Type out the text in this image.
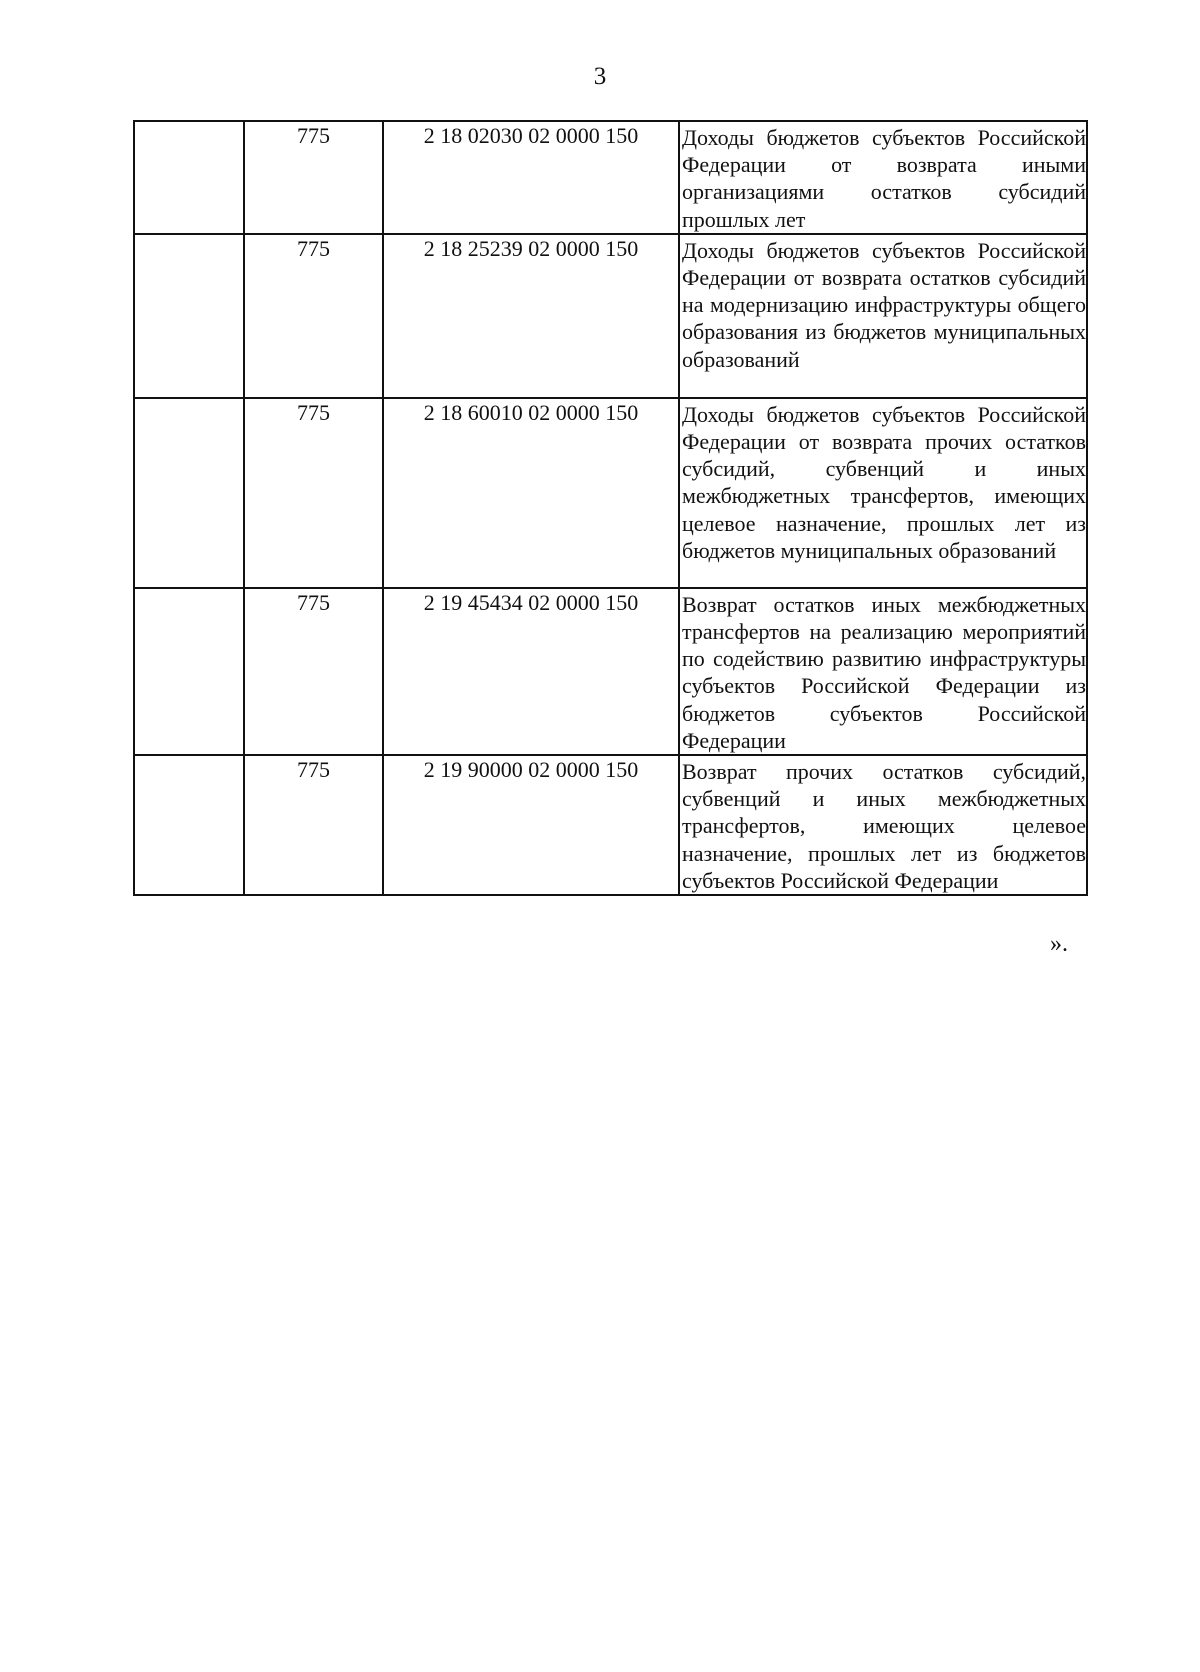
3
	775	2 18 02030 02 0000 150	Доходы бюджетов субъектов Российской Федерации от возврата иными организациями остатков субсидий прошлых лет

	775	2 18 25239 02 0000 150	Доходы бюджетов субъектов Российской Федерации от возврата остатков субсидий на модернизацию инфраструктуры общего образования из бюджетов муниципальных образований

	775	2 18 60010 02 0000 150	Доходы бюджетов субъектов Российской Федерации от возврата прочих остатков субсидий, субвенций и иных межбюджетных трансфертов, имеющих целевое назначение, прошлых лет из бюджетов муниципальных образований

	775	2 19 45434 02 0000 150	Возврат остатков иных межбюджетных трансфертов на реализацию мероприятий по содействию развитию инфраструктуры субъектов Российской Федерации из бюджетов субъектов Российской Федерации

	775	2 19 90000 02 0000 150	Возврат прочих остатков субсидий, субвенций и иных межбюджетных трансфертов, имеющих целевое назначение, прошлых лет из бюджетов субъектов Российской Федерации
».
